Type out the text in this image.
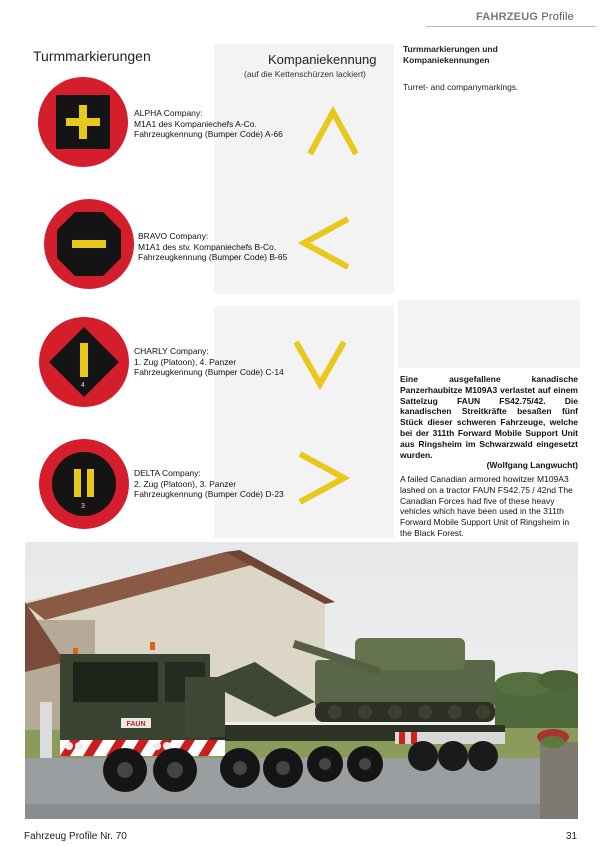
FAHRZEUG Profile
Turmmarkierungen	Kompaniekennung
(auf die Kettenschürzen lackiert)
Turmmarkierungen und Kompaniekennungen
Turret- and companymarkings.
ALPHA Company:
M1A1 des Kompaniechefs A-Co.
Fahrzeugkennung (Bumper Code) A-66
BRAVO Company:
M1A1 des stv. Kompaniechefs B-Co.
Fahrzeugkennung (Bumper Code) B-65
4
CHARLY Company:
1. Zug (Platoon), 4. Panzer
Fahrzeugkennung (Bumper Code) C-14
3
DELTA Company:
2. Zug (Platoon), 3. Panzer
Fahrzeugkennung (Bumper Code) D-23
Eine ausgefallene kanadische Panzerhaubitze M109A3 verlastet auf einem Sattelzug FAUN FS42.75/42. Die kanadischen Streitkräfte besaßen fünf Stück dieser schweren Fahrzeuge, welche bei der 311th Forward Mobile Support Unit aus Ringsheim im Schwarzwald eingesetzt wurden.
(Wolfgang Langwucht)
A failed Canadian armored howitzer M109A3 lashed on a tractor FAUN FS42.75 / 42nd The Canadian Forces had five of these heavy vehicles which have been used in the 311th Forward Mobile Support Unit of Ringsheim in the Black Forest.
FAUN
Fahrzeug Profile Nr. 70	31
